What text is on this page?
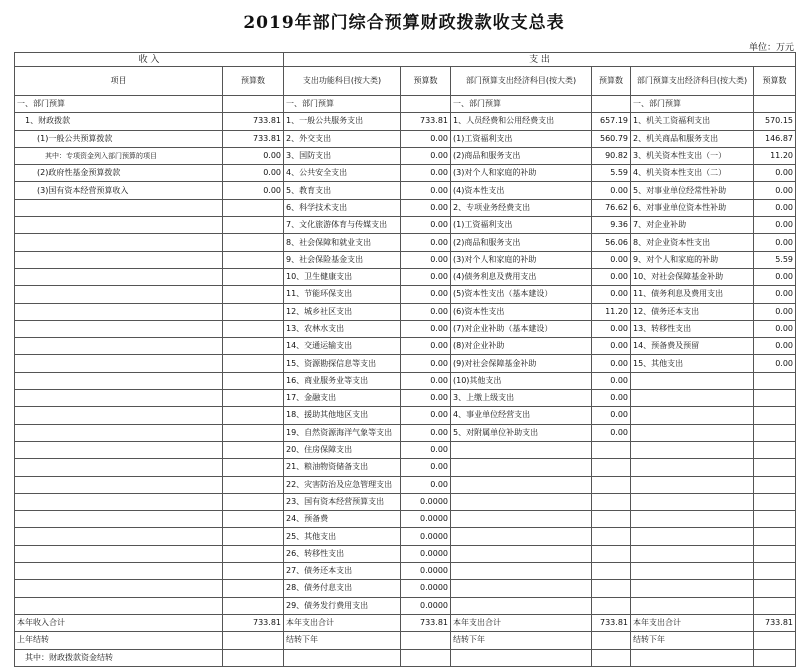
2019年部门综合预算财政拨款收支总表
单位：万元
收 入		支 出					
项目	预算数	支出功能科目(按大类)	预算数	部门预算支出经济科目(按大类)	预算数	部门预算支出经济科目(按大类)	预算数
一、部门预算		一、部门预算		一、部门预算		一、部门预算	
1、财政拨款	733.81	1、一般公共服务支出	733.81	1、人员经费和公用经费支出	657.19	1、机关工资福利支出	570.15
(1)一般公共预算拨款	733.81	2、外交支出	0.00	(1)工资福利支出	560.79	2、机关商品和服务支出	146.87
其中：专项资金列入部门预算的项目	0.00	3、国防支出	0.00	(2)商品和服务支出	90.82	3、机关资本性支出（一）	11.20
(2)政府性基金预算拨款	0.00	4、公共安全支出	0.00	(3)对个人和家庭的补助	5.59	4、机关资本性支出（二）	0.00
(3)国有资本经营预算收入	0.00	5、教育支出	0.00	(4)资本性支出	0.00	5、对事业单位经常性补助	0.00
		6、科学技术支出	0.00	2、专项业务经费支出	76.62	6、对事业单位资本性补助	0.00
		7、文化旅游体育与传媒支出	0.00	(1)工资福利支出	9.36	7、对企业补助	0.00
		8、社会保障和就业支出	0.00	(2)商品和服务支出	56.06	8、对企业资本性支出	0.00
		9、社会保险基金支出	0.00	(3)对个人和家庭的补助	0.00	9、对个人和家庭的补助	5.59
		10、卫生健康支出	0.00	(4)债务利息及费用支出	0.00	10、对社会保障基金补助	0.00
		11、节能环保支出	0.00	(5)资本性支出（基本建设）	0.00	11、债务利息及费用支出	0.00
		12、城乡社区支出	0.00	(6)资本性支出	11.20	12、债务还本支出	0.00
		13、农林水支出	0.00	(7)对企业补助（基本建设）	0.00	13、转移性支出	0.00
		14、交通运输支出	0.00	(8)对企业补助	0.00	14、预备费及预留	0.00
		15、资源勘探信息等支出	0.00	(9)对社会保障基金补助	0.00	15、其他支出	0.00
		16、商业服务业等支出	0.00	(10)其他支出	0.00		
		17、金融支出	0.00	3、上缴上级支出	0.00		
		18、援助其他地区支出	0.00	4、事业单位经营支出	0.00		
		19、自然资源海洋气象等支出	0.00	5、对附属单位补助支出	0.00		
		20、住房保障支出	0.00				
		21、粮油物资储备支出	0.00				
		22、灾害防治及应急管理支出	0.00				
		23、国有资本经营预算支出	0.0000				
		24、预备费	0.0000				
		25、其他支出	0.0000				
		26、转移性支出	0.0000				
		27、债务还本支出	0.0000				
		28、债务付息支出	0.0000				
		29、债务发行费用支出	0.0000				
本年收入合计	733.81	本年支出合计	733.81	本年支出合计	733.81	本年支出合计	733.81
上年结转		结转下年		结转下年		结转下年	
其中：财政拨款资金结转							
